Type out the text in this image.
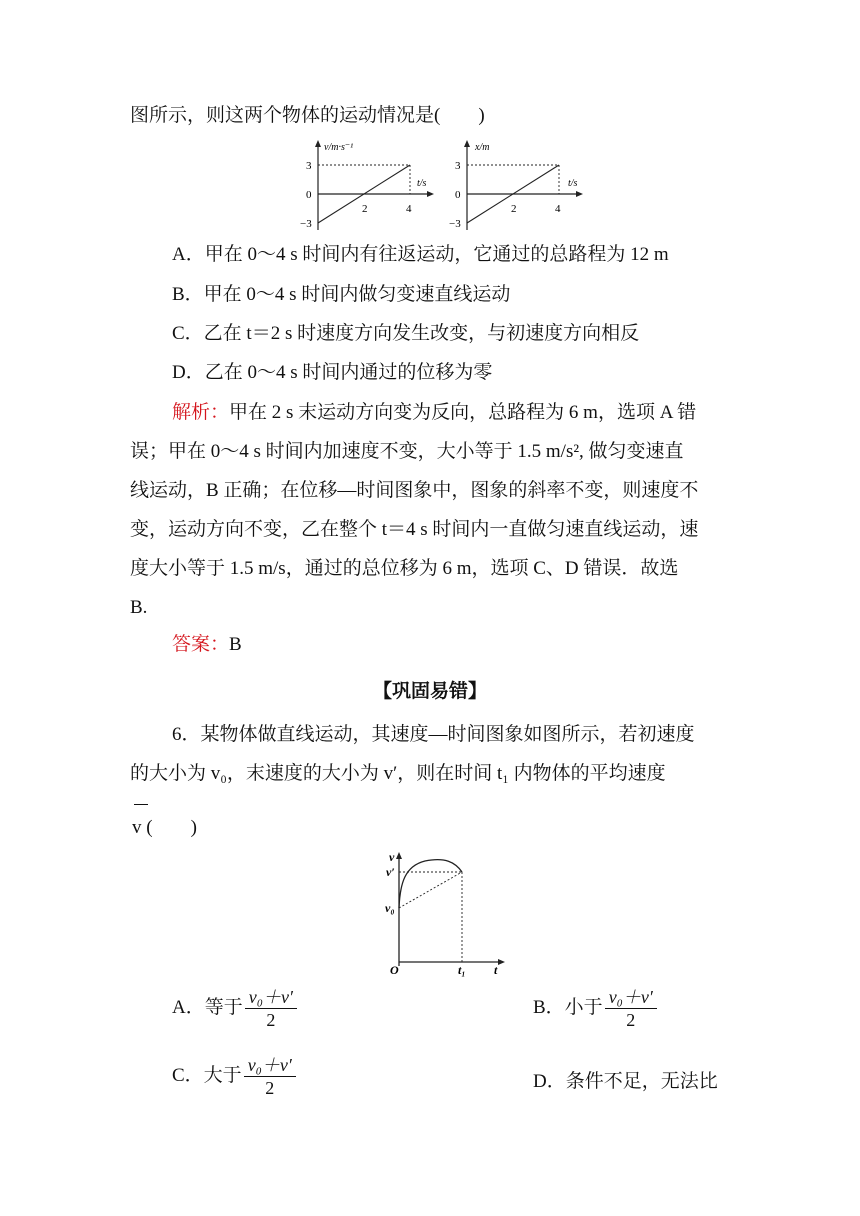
图所示，则这两个物体的运动情况是(　　)
v/m·s⁻¹
t/s
3
0
−3
2	4
x/m
t/s
3
0
−3
2	4
A．甲在 0～4 s 时间内有往返运动，它通过的总路程为 12 m
B．甲在 0～4 s 时间内做匀变速直线运动
C．乙在 t＝2 s 时速度方向发生改变，与初速度方向相反
D．乙在 0～4 s 时间内通过的位移为零
解析：甲在 2 s 末运动方向变为反向，总路程为 6 m，选项 A 错
误；甲在 0～4 s 时间内加速度不变，大小等于 1.5 m/s², 做匀变速直
线运动，B 正确；在位移—时间图象中，图象的斜率不变，则速度不
变，运动方向不变，乙在整个 t＝4 s 时间内一直做匀速直线运动，速
度大小等于 1.5 m/s，通过的总位移为 6 m，选项 C、D 错误．故选
B.
答案：B
【巩固易错】
6．某物体做直线运动，其速度—时间图象如图所示，若初速度
的大小为 v₀，末速度的大小为 v′，则在时间 t₁ 内物体的平均速度
v (　　)
v
v′
v₀
O	t₁ t
A．等于 $\frac{\text{v₀＋v′}}{2}$	B．小于 $\frac{\text{v₀＋v′}}{2}$
C．大于 $\frac{\text{v₀＋v′}}{2}$	D．条件不足，无法比
